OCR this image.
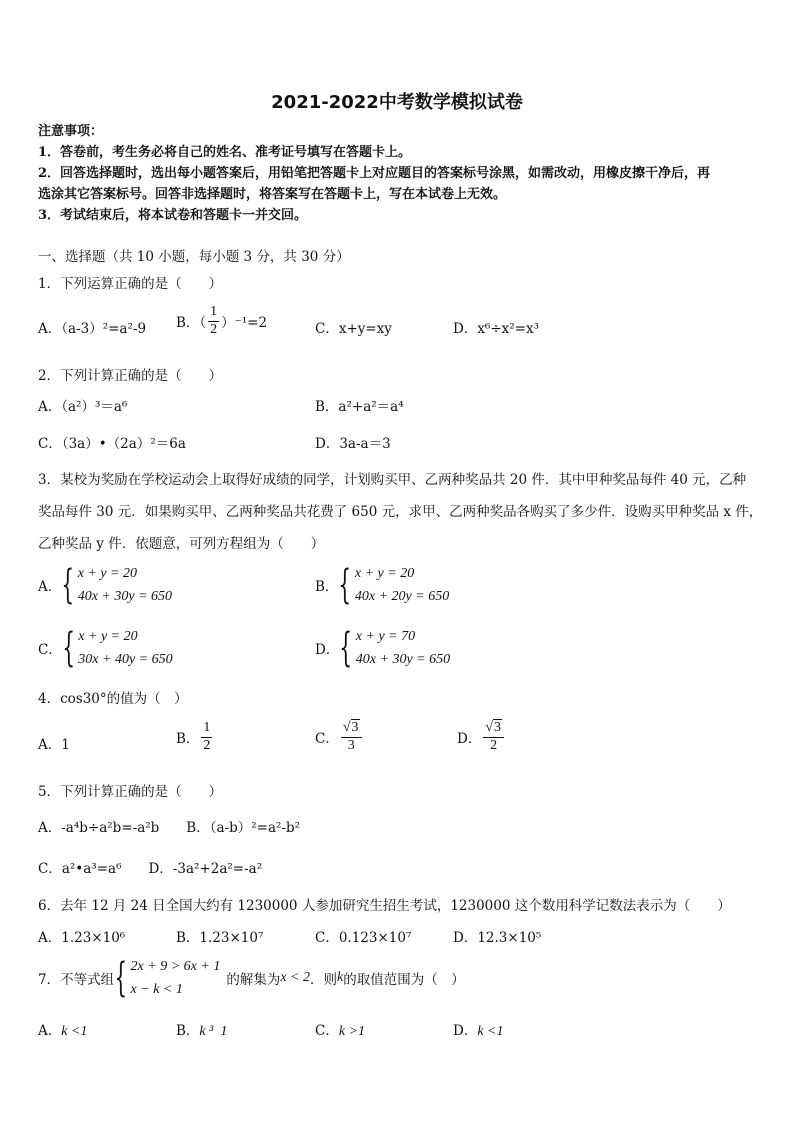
2021-2022中考数学模拟试卷
注意事项：
1．答卷前，考生务必将自己的姓名、准考证号填写在答题卡上。
2．回答选择题时，选出每小题答案后，用铅笔把答题卡上对应题目的答案标号涂黑，如需改动，用橡皮擦干净后，再
选涂其它答案标号。回答非选择题时，将答案写在答题卡上，写在本试卷上无效。
3．考试结束后，将本试卷和答题卡一并交回。
一、选择题（共 10 小题，每小题 3 分，共 30 分）
1．下列运算正确的是（　　）
A．（a-3）²=a²-9 B．（ $\frac{1}{2} )^{-1}=2$	C．x+y=xy	D．x⁶÷x²=x³
2．下列计算正确的是（　　）
A．（a²）³＝a⁶	B．a²+a²＝a⁴
C．（3a）•（2a）²＝6a	D．3a-a＝3
3．某校为奖励在学校运动会上取得好成绩的同学，计划购买甲、乙两种奖品共 20 件．其中甲种奖品每件 40 元，乙种
奖品每件 30 元．如果购买甲、乙两种奖品共花费了 650 元，求甲、乙两种奖品各购买了多少件．设购买甲种奖品 x 件，
乙种奖品 y 件．依题意，可列方程组为（　　）
A． { x + y = 20
40x + 30y = 650
B． { x + y = 20
40x + 20y = 650
C． { x + y = 20
30x + 40y = 650
D． { x + y = 70
40x + 30y = 650
4．cos30°的值为（　）
A．1	B． $\frac{1}{2}$	C． $\frac{√3}{3}$	D． $\frac{√3}{2}$
5．下列计算正确的是（　　）
A．-a⁴b÷a²b=-a²b　　B．（a-b）²=a²-b²
C．a²•a³=a⁶　　D．-3a²+2a²=-a²
6．去年 12 月 24 日全国大约有 1230000 人参加研究生招生考试，1230000 这个数用科学记数法表示为（　　）
A．1.23×10⁶	B．1.23×10⁷	C．0.123×10⁷	D．12.3×10⁵
7．不等式组 { 2x + 9 > 6x + 1
x − k < 1
的解集为 x < 2 ．则 k 的取值范围为（　）
A．k <1	B．k ³  1	C．k >1	D．k <1
